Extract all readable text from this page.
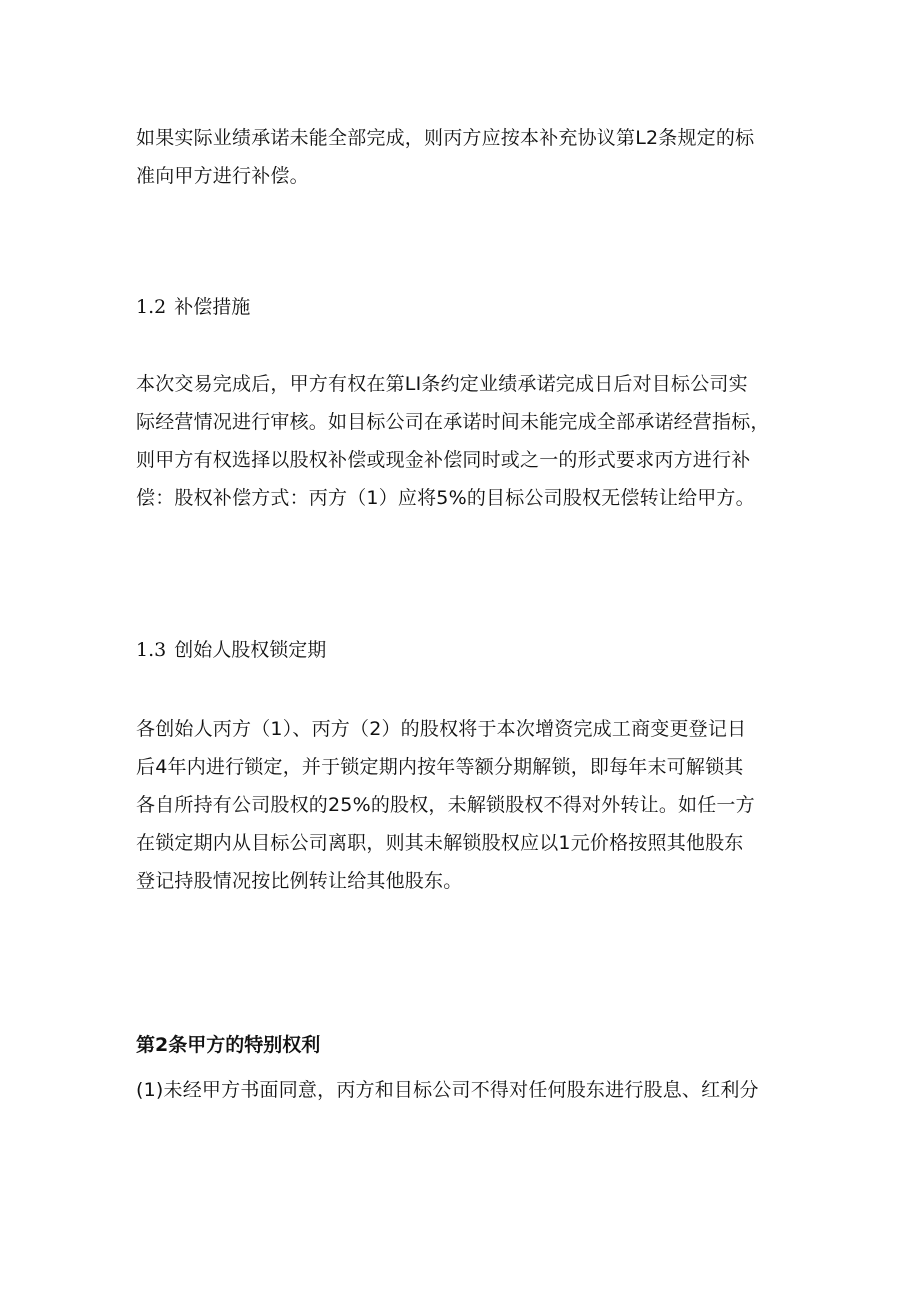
如果实际业绩承诺未能全部完成，则丙方应按本补充协议第L2条规定的标
准向甲方进行补偿。
1.2 补偿措施
本次交易完成后，甲方有权在第LI条约定业绩承诺完成日后对目标公司实
际经营情况进行审核。如目标公司在承诺时间未能完成全部承诺经营指标，
则甲方有权选择以股权补偿或现金补偿同时或之一的形式要求丙方进行补
偿：股权补偿方式：丙方（1）应将5%的目标公司股权无偿转让给甲方。
1.3 创始人股权锁定期
各创始人丙方（1）、丙方（2）的股权将于本次增资完成工商变更登记日
后4年内进行锁定，并于锁定期内按年等额分期解锁，即每年末可解锁其
各自所持有公司股权的25%的股权，未解锁股权不得对外转让。如任一方
在锁定期内从目标公司离职，则其未解锁股权应以1元价格按照其他股东
登记持股情况按比例转让给其他股东。
第2条甲方的特别权利
(1)未经甲方书面同意，丙方和目标公司不得对任何股东进行股息、红利分
